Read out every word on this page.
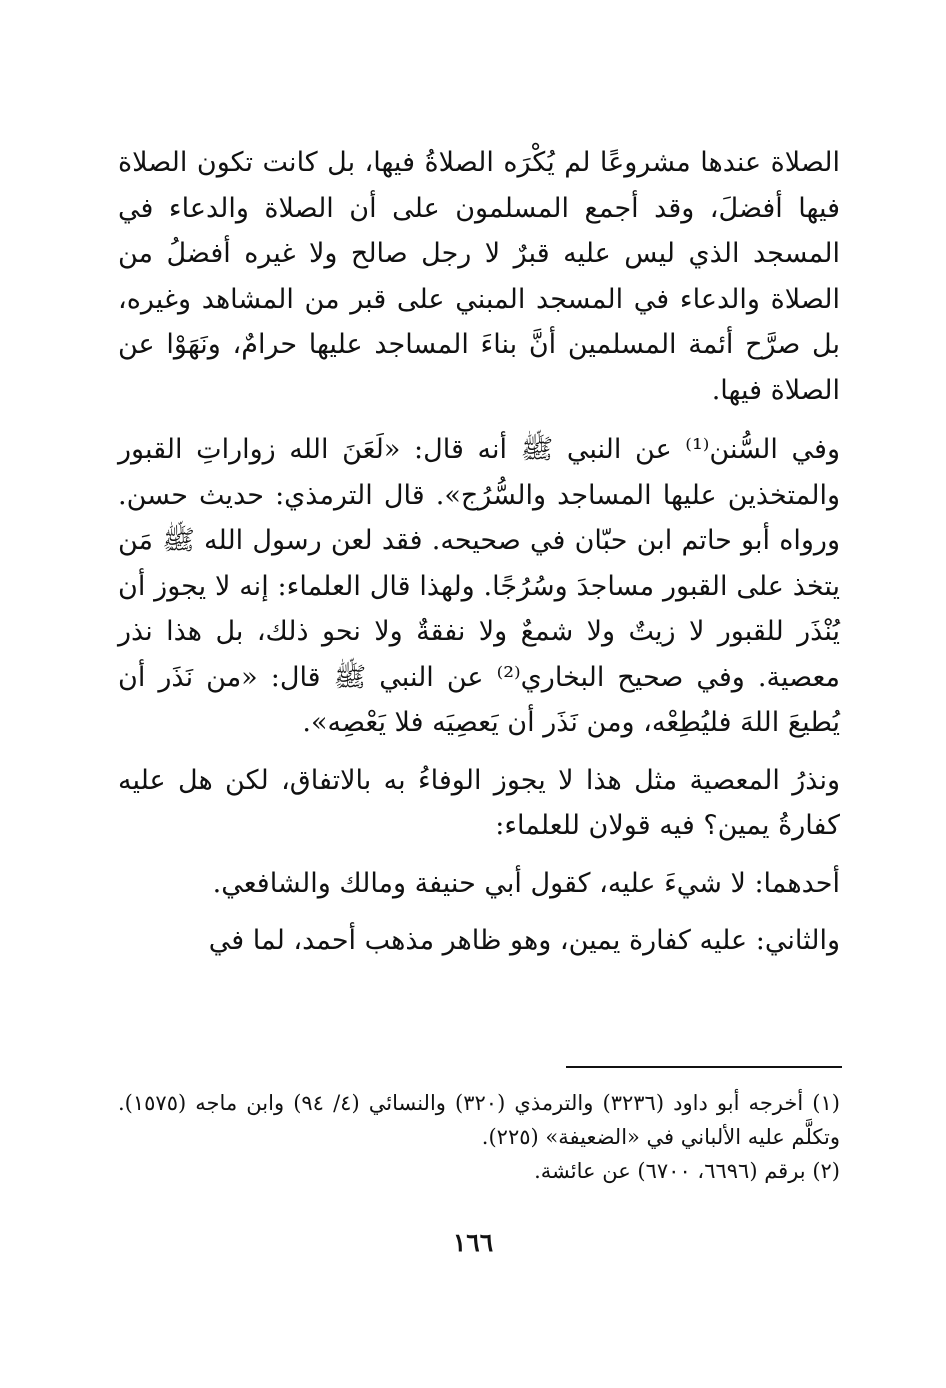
الصلاة عندها مشروعًا لم يُكْرَه الصلاةُ فيها، بل كانت تكون الصلاة فيها أفضلَ، وقد أجمع المسلمون على أن الصلاة والدعاء في المسجد الذي ليس عليه قبرٌ لا رجل صالح ولا غيره أفضلُ من الصلاة والدعاء في المسجد المبني على قبر من المشاهد وغيره، بل صرَّح أئمة المسلمين أنَّ بناءَ المساجد عليها حرامٌ، ونَهَوْا عن الصلاة فيها.

وفي السُّنن⁽¹⁾ عن النبي ﷺ أنه قال: «لَعَنَ الله زواراتِ القبور والمتخذين عليها المساجد والسُّرُج». قال الترمذي: حديث حسن. ورواه أبو حاتم ابن حبّان في صحيحه. فقد لعن رسول الله ﷺ مَن يتخذ على القبور مساجدَ وسُرُجًا. ولهذا قال العلماء: إنه لا يجوز أن يُنْذَر للقبور لا زيتٌ ولا شمعٌ ولا نفقةٌ ولا نحو ذلك، بل هذا نذر معصية. وفي صحيح البخاري⁽²⁾ عن النبي ﷺ قال: «من نَذَر أن يُطيعَ اللهَ فليُطِعْه، ومن نَذَر أن يَعصِيَه فلا يَعْصِه».

ونذرُ المعصية مثل هذا لا يجوز الوفاءُ به بالاتفاق، لكن هل عليه كفارةُ يمين؟ فيه قولان للعلماء:

أحدهما: لا شيءَ عليه، كقول أبي حنيفة ومالك والشافعي.

والثاني: عليه كفارة يمين، وهو ظاهر مذهب أحمد، لما في

(١) أخرجه أبو داود (٣٢٣٦) والترمذي (٣٢٠) والنسائي (٤/ ٩٤) وابن ماجه (١٥٧٥). وتكلَّم عليه الألباني في «الضعيفة» (٢٢٥).

(٢) برقم (٦٦٩٦، ٦٧٠٠) عن عائشة.

١٦٦
